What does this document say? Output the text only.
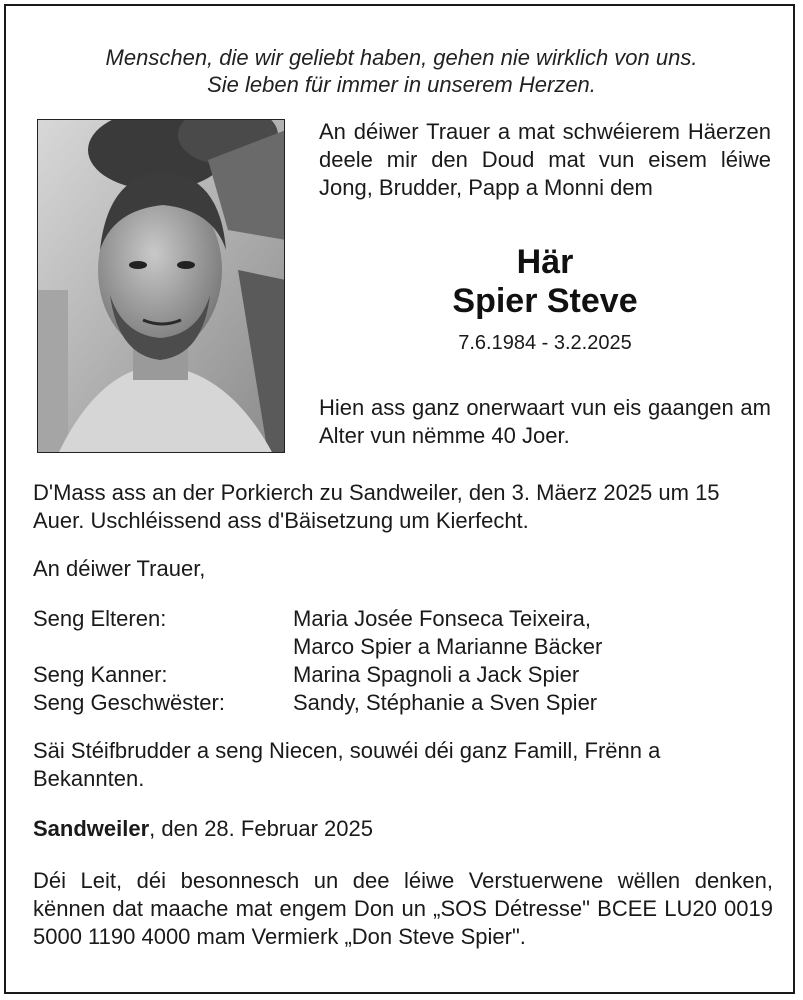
Menschen, die wir geliebt haben, gehen nie wirklich von uns.
Sie leben für immer in unserem Herzen.
An déiwer Trauer a mat schwéierem Häerzen deele mir den Doud mat vun eisem léiwe Jong, Brudder, Papp a Monni dem
Här
Spier Steve
7.6.1984 - 3.2.2025
Hien ass ganz onerwaart vun eis gaangen am Alter vun nëmme 40 Joer.
D'Mass ass an der Porkierch zu Sandweiler, den 3. Mäerz 2025 um 15 Auer. Uschléissend ass d'Bäisetzung um Kierfecht.
An déiwer Trauer,
Seng Elteren:	Maria Josée Fonseca Teixeira,
Marco Spier a Marianne Bäcker
Seng Kanner:	Marina Spagnoli a Jack Spier
Seng Geschwëster:	Sandy, Stéphanie a Sven Spier
Säi Stéifbrudder a seng Niecen, souwéi déi ganz Famill, Frënn a Bekannten.
Sandweiler, den 28. Februar 2025
Déi Leit, déi besonnesch un dee léiwe Verstuerwene wëllen denken, kënnen dat maache mat engem Don un „SOS Détresse" BCEE LU20 0019 5000 1190 4000 mam Vermierk „Don Steve Spier".
